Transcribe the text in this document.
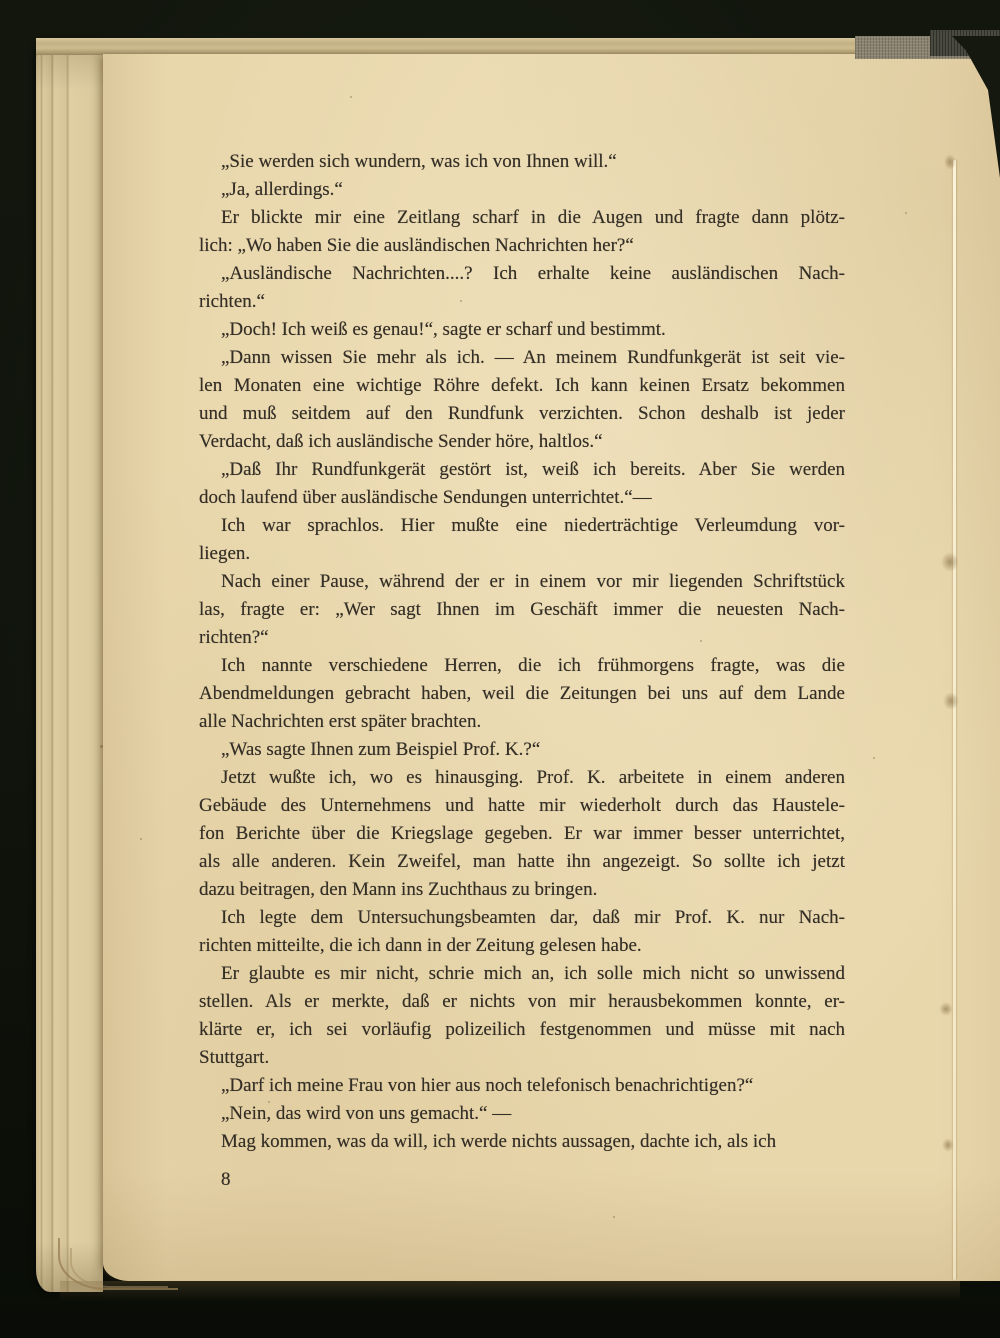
„Sie werden sich wundern, was ich von Ihnen will.“
„Ja, allerdings.“
Er blickte mir eine Zeitlang scharf in die Augen und fragte dann plötz-
lich: „Wo haben Sie die ausländischen Nachrichten her?“
„Ausländische Nachrichten....? Ich erhalte keine ausländischen Nach-
richten.“
„Doch! Ich weiß es genau!“, sagte er scharf und bestimmt.
„Dann wissen Sie mehr als ich. — An meinem Rundfunkgerät ist seit vie-
len Monaten eine wichtige Röhre defekt. Ich kann keinen Ersatz bekommen
und muß seitdem auf den Rundfunk verzichten. Schon deshalb ist jeder
Verdacht, daß ich ausländische Sender höre, haltlos.“
„Daß Ihr Rundfunkgerät gestört ist, weiß ich bereits. Aber Sie werden
doch laufend über ausländische Sendungen unterrichtet.“—
Ich war sprachlos. Hier mußte eine niederträchtige Verleumdung vor-
liegen.
Nach einer Pause, während der er in einem vor mir liegenden Schriftstück
las, fragte er: „Wer sagt Ihnen im Geschäft immer die neuesten Nach-
richten?“
Ich nannte verschiedene Herren, die ich frühmorgens fragte, was die
Abendmeldungen gebracht haben, weil die Zeitungen bei uns auf dem Lande
alle Nachrichten erst später brachten.
„Was sagte Ihnen zum Beispiel Prof. K.?“
Jetzt wußte ich, wo es hinausging. Prof. K. arbeitete in einem anderen
Gebäude des Unternehmens und hatte mir wiederholt durch das Haustele-
fon Berichte über die Kriegslage gegeben. Er war immer besser unterrichtet,
als alle anderen. Kein Zweifel, man hatte ihn angezeigt. So sollte ich jetzt
dazu beitragen, den Mann ins Zuchthaus zu bringen.
Ich legte dem Untersuchungsbeamten dar, daß mir Prof. K. nur Nach-
richten mitteilte, die ich dann in der Zeitung gelesen habe.
Er glaubte es mir nicht, schrie mich an, ich solle mich nicht so unwissend
stellen. Als er merkte, daß er nichts von mir herausbekommen konnte, er-
klärte er, ich sei vorläufig polizeilich festgenommen und müsse mit nach
Stuttgart.
„Darf ich meine Frau von hier aus noch telefonisch benachrichtigen?“
„Nein, das wird von uns gemacht.“ —
Mag kommen, was da will, ich werde nichts aussagen, dachte ich, als ich
8
